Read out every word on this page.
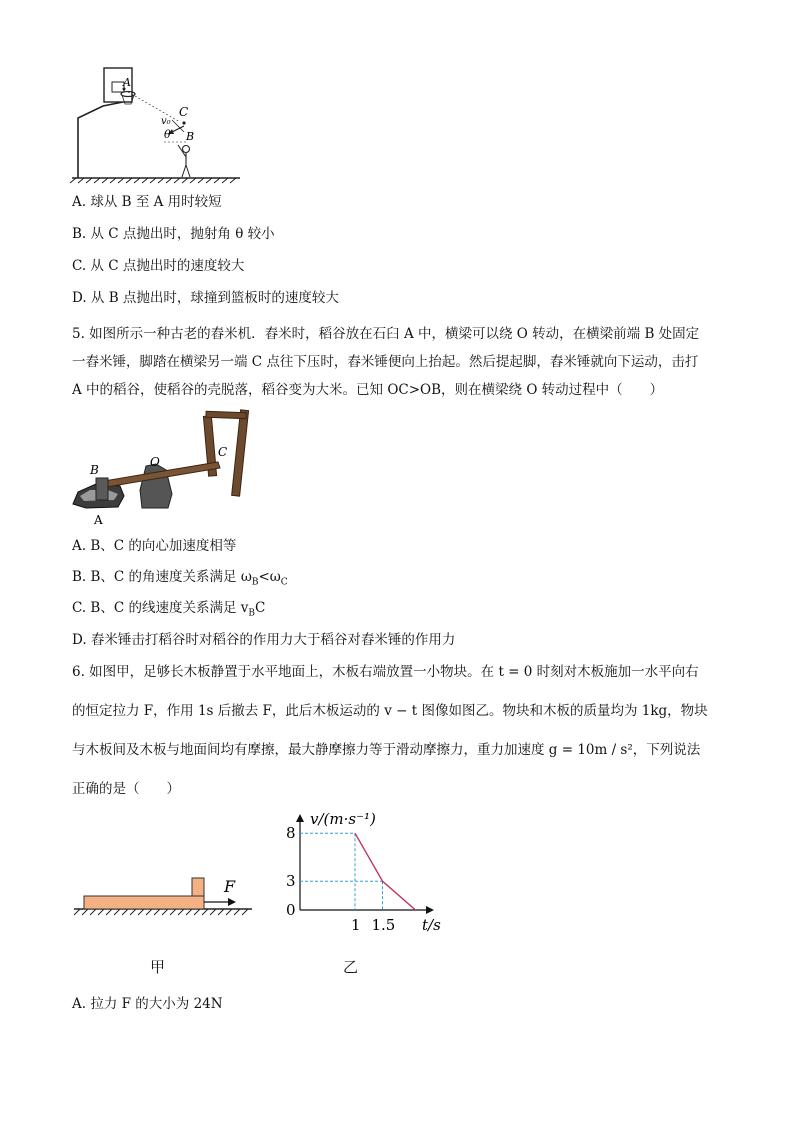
A
C
B
v₀
θ
A. 球从 B 至 A 用时较短
B. 从 C 点抛出时，抛射角 θ 较小
C. 从 C 点抛出时的速度较大
D. 从 B 点抛出时，球撞到篮板时的速度较大
5. 如图所示一种古老的舂米机．舂米时，稻谷放在石臼 A 中，横梁可以绕 O 转动，在横梁前端 B 处固定
一舂米锤，脚踏在横梁另一端 C 点往下压时，舂米锤便向上抬起。然后提起脚，舂米锤就向下运动，击打
A 中的稻谷，使稻谷的壳脱落，稻谷变为大米。已知 OC>OB，则在横梁绕 O 转动过程中（　　）
B
O
C
A
A. B、C 的向心加速度相等
B. B、C 的角速度关系满足 $\omega_B<\omega_C$
C. B、C 的线速度关系满足 $v_BC$
D. 舂米锤击打稻谷时对稻谷的作用力大于稻谷对舂米锤的作用力
6. 如图甲，足够长木板静置于水平地面上，木板右端放置一小物块。在 t = 0 时刻对木板施加一水平向右
的恒定拉力 F，作用 1s 后撤去 F，此后木板运动的 v − t 图像如图乙。物块和木板的质量均为 1kg，物块
与木板间及木板与地面间均有摩擦，最大静摩擦力等于滑动摩擦力，重力加速度 g = 10m / s²，下列说法
正确的是（　　）
F
甲
v/(m·s⁻¹)
t/s
8
3
0
1 1.5
乙
A. 拉力 F 的大小为 24N
